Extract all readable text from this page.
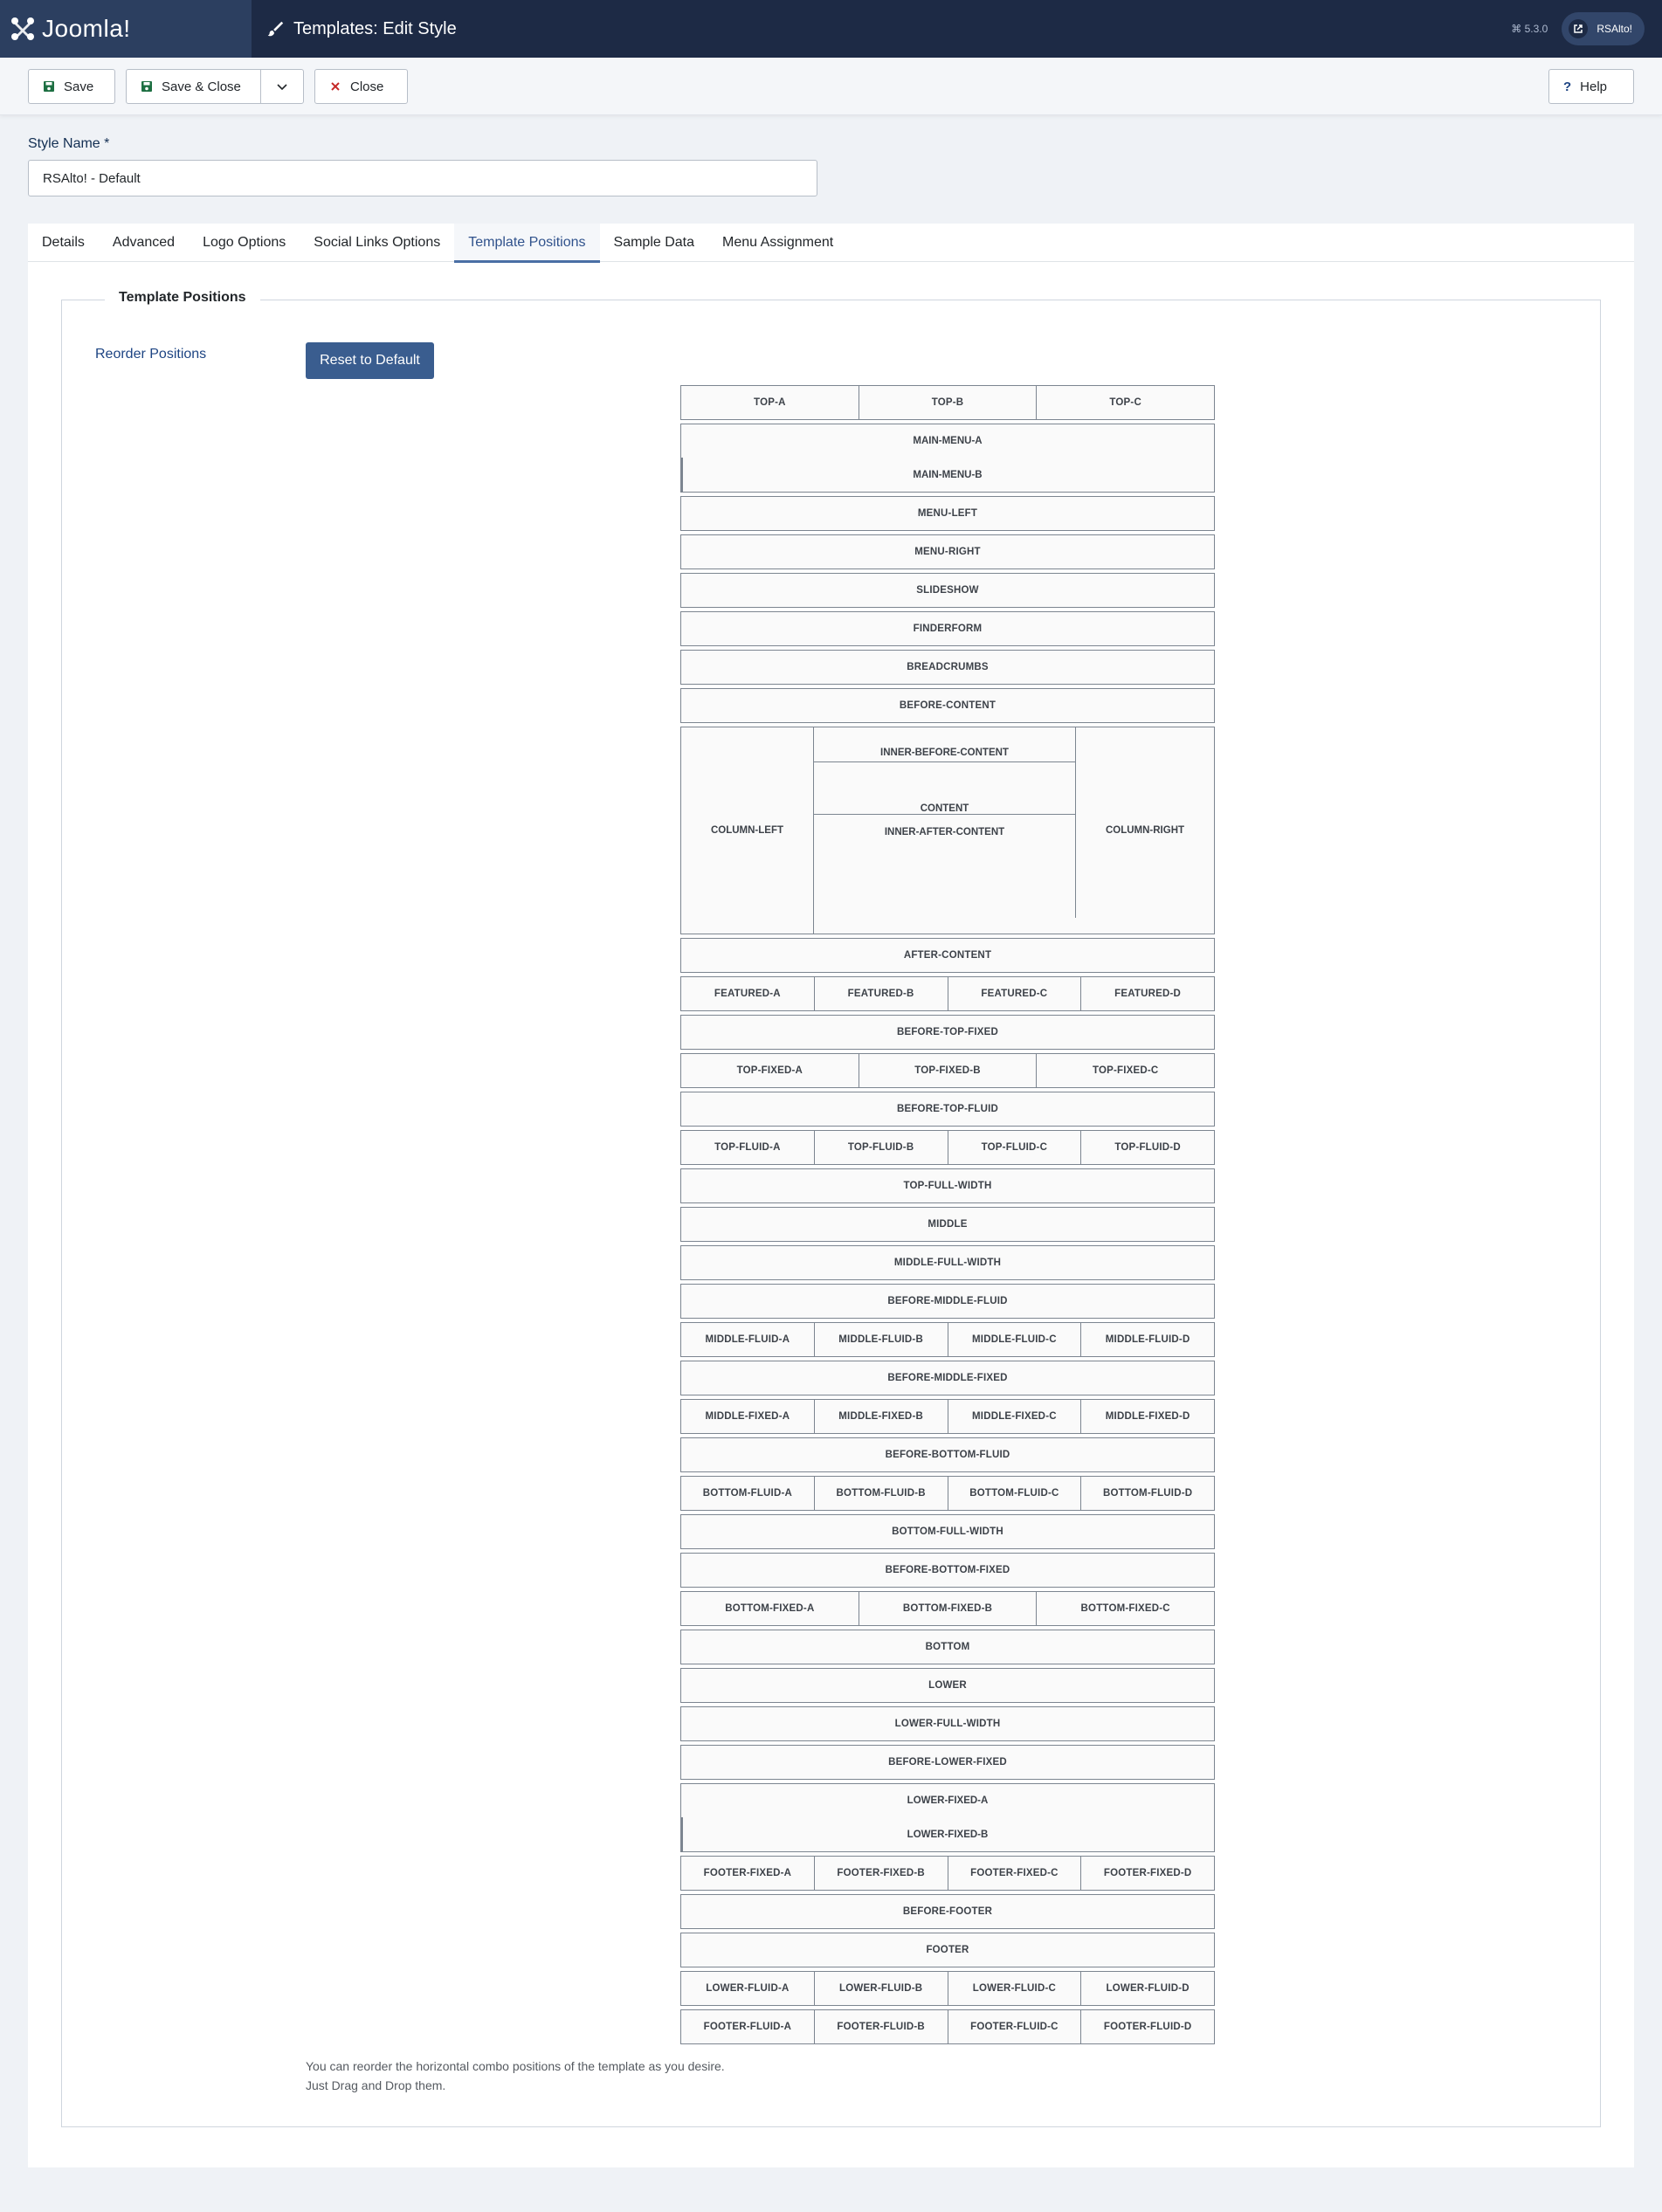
Joomla!	Templates: Edit Style	⌘ 5.3.0	RSAlto!
Save	Save & Close	Close	? Help
Style Name *
RSAlto! - Default
Details	Advanced	Logo Options	Social Links Options	Template Positions	Sample Data	Menu Assignment
Template Positions
Reorder Positions	Reset to Default
TOP-A	TOP-B	TOP-C
MAIN-MENU-A
MAIN-MENU-B
MENU-LEFT
MENU-RIGHT
SLIDESHOW
FINDERFORM
BREADCRUMBS
BEFORE-CONTENT
COLUMN-LEFT
INNER-BEFORE-CONTENT
CONTENT
INNER-AFTER-CONTENT	COLUMN-RIGHT
AFTER-CONTENT
FEATURED-A	FEATURED-B	FEATURED-C	FEATURED-D
BEFORE-TOP-FIXED
TOP-FIXED-A	TOP-FIXED-B	TOP-FIXED-C
BEFORE-TOP-FLUID
TOP-FLUID-A	TOP-FLUID-B	TOP-FLUID-C	TOP-FLUID-D
TOP-FULL-WIDTH
MIDDLE
MIDDLE-FULL-WIDTH
BEFORE-MIDDLE-FLUID
MIDDLE-FLUID-A	MIDDLE-FLUID-B	MIDDLE-FLUID-C	MIDDLE-FLUID-D
BEFORE-MIDDLE-FIXED
MIDDLE-FIXED-A	MIDDLE-FIXED-B	MIDDLE-FIXED-C	MIDDLE-FIXED-D
BEFORE-BOTTOM-FLUID
BOTTOM-FLUID-A	BOTTOM-FLUID-B	BOTTOM-FLUID-C	BOTTOM-FLUID-D
BOTTOM-FULL-WIDTH
BEFORE-BOTTOM-FIXED
BOTTOM-FIXED-A	BOTTOM-FIXED-B	BOTTOM-FIXED-C
BOTTOM
LOWER
LOWER-FULL-WIDTH
BEFORE-LOWER-FIXED
LOWER-FIXED-A
LOWER-FIXED-B
FOOTER-FIXED-A	FOOTER-FIXED-B	FOOTER-FIXED-C	FOOTER-FIXED-D
BEFORE-FOOTER
FOOTER
LOWER-FLUID-A	LOWER-FLUID-B	LOWER-FLUID-C	LOWER-FLUID-D
FOOTER-FLUID-A	FOOTER-FLUID-B	FOOTER-FLUID-C	FOOTER-FLUID-D
You can reorder the horizontal combo positions of the template as you desire.
Just Drag and Drop them.
